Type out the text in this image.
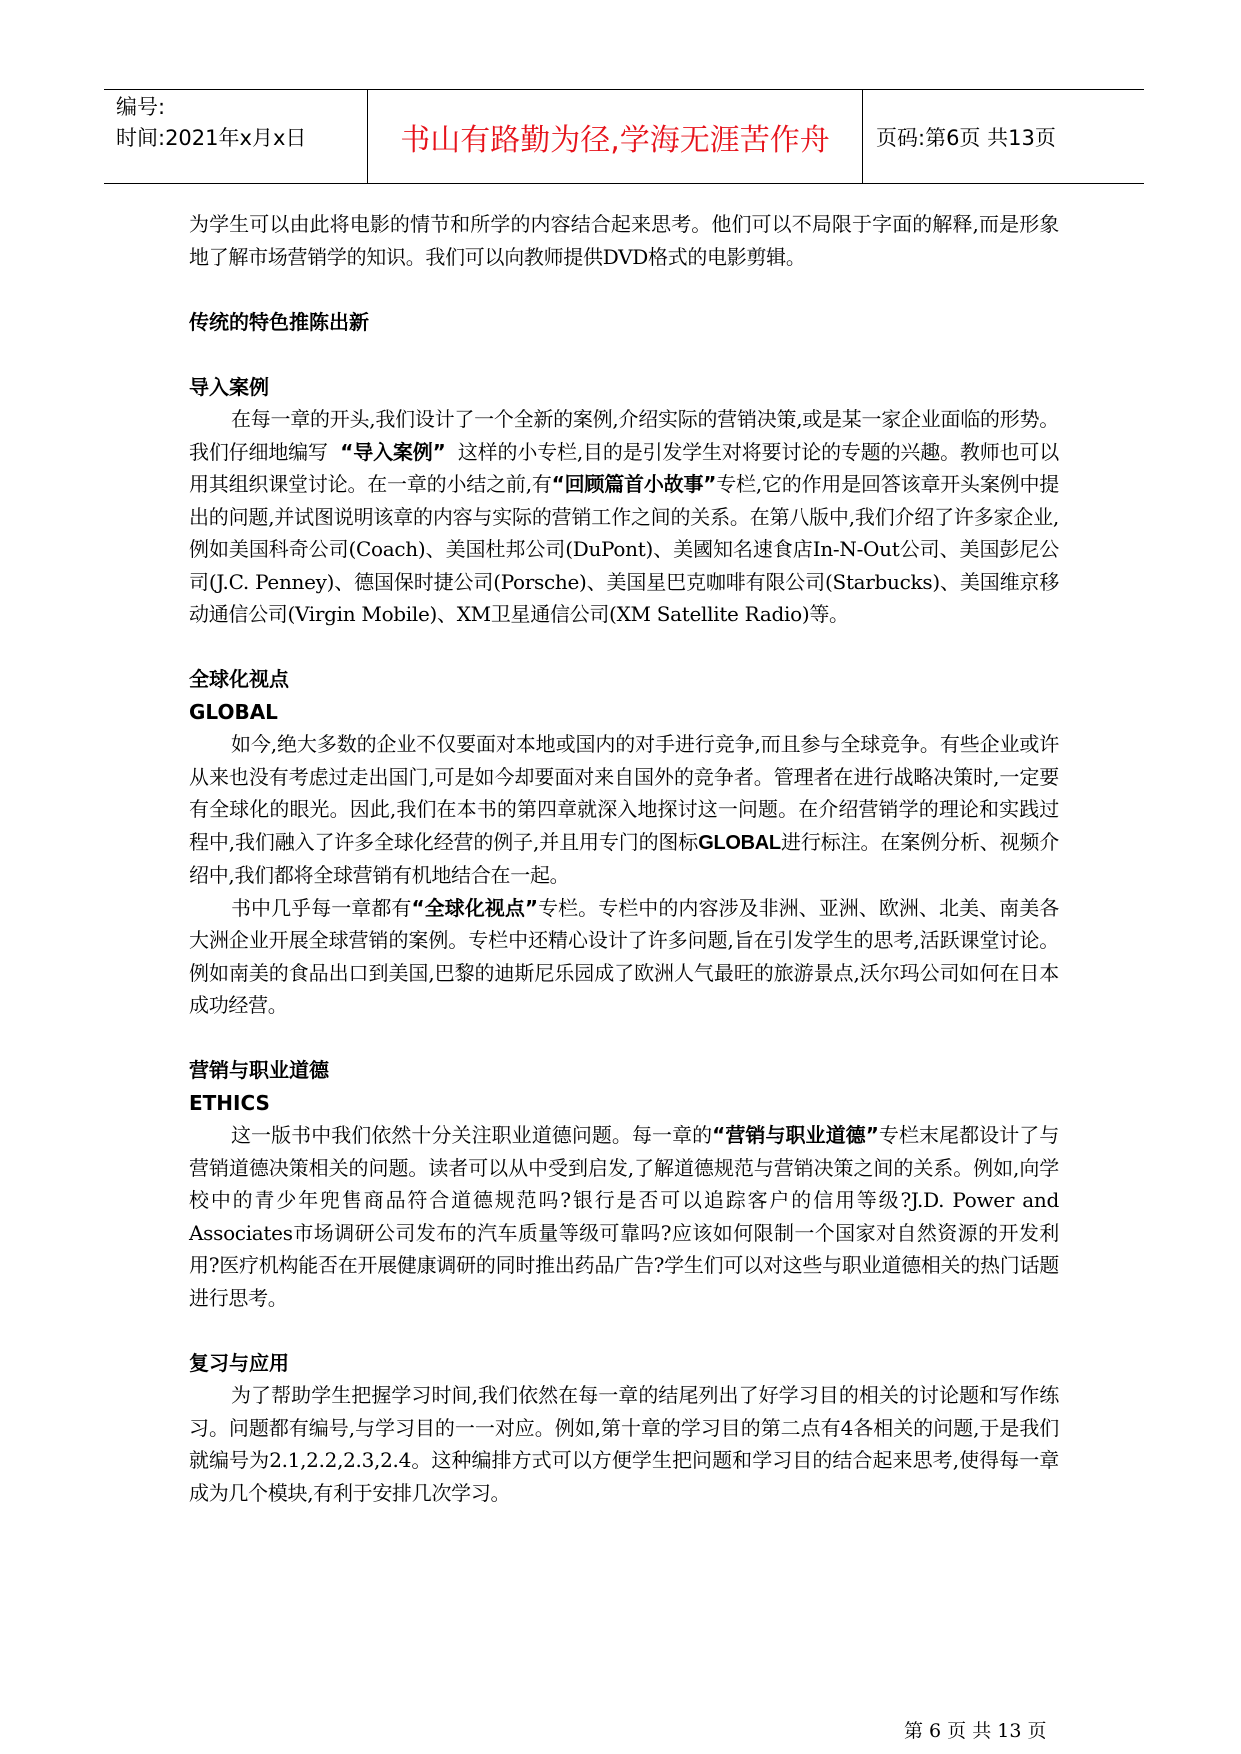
编号:
时间:2021年x月x日	书山有路勤为径,学海无涯苦作舟	页码:第6页 共13页

为学生可以由此将电影的情节和所学的内容结合起来思考。他们可以不局限于字面的解释,而是形象地了解市场营销学的知识。我们可以向教师提供DVD格式的电影剪辑。

传统的特色推陈出新

导入案例

在每一章的开头,我们设计了一个全新的案例,介绍实际的营销决策,或是某一家企业面临的形势。我们仔细地编写 “导入案例” 这样的小专栏,目的是引发学生对将要讨论的专题的兴趣。教师也可以用其组织课堂讨论。在一章的小结之前,有“回顾篇首小故事”专栏,它的作用是回答该章开头案例中提出的问题,并试图说明该章的内容与实际的营销工作之间的关系。在第八版中,我们介绍了许多家企业,例如美国科奇公司(Coach)、美国杜邦公司(DuPont)、美國知名速食店In-N-Out公司、美国彭尼公司(J.C. Penney)、德国保时捷公司(Porsche)、美国星巴克咖啡有限公司(Starbucks)、美国维京移动通信公司(Virgin Mobile)、XM卫星通信公司(XM Satellite Radio)等。

全球化视点

GLOBAL

如今,绝大多数的企业不仅要面对本地或国内的对手进行竞争,而且参与全球竞争。有些企业或许从来也没有考虑过走出国门,可是如今却要面对来自国外的竞争者。管理者在进行战略决策时,一定要有全球化的眼光。因此,我们在本书的第四章就深入地探讨这一问题。在介绍营销学的理论和实践过程中,我们融入了许多全球化经营的例子,并且用专门的图标GLOBAL进行标注。在案例分析、视频介绍中,我们都将全球营销有机地结合在一起。

书中几乎每一章都有“全球化视点”专栏。专栏中的内容涉及非洲、亚洲、欧洲、北美、南美各大洲企业开展全球营销的案例。专栏中还精心设计了许多问题,旨在引发学生的思考,活跃课堂讨论。例如南美的食品出口到美国,巴黎的迪斯尼乐园成了欧洲人气最旺的旅游景点,沃尔玛公司如何在日本成功经营。

营销与职业道德

ETHICS

这一版书中我们依然十分关注职业道德问题。每一章的“营销与职业道德”专栏末尾都设计了与营销道德决策相关的问题。读者可以从中受到启发,了解道德规范与营销决策之间的关系。例如,向学校中的青少年兜售商品符合道德规范吗?银行是否可以追踪客户的信用等级?J.D. Power and Associates市场调研公司发布的汽车质量等级可靠吗?应该如何限制一个国家对自然资源的开发利用?医疗机构能否在开展健康调研的同时推出药品广告?学生们可以对这些与职业道德相关的热门话题进行思考。

复习与应用

为了帮助学生把握学习时间,我们依然在每一章的结尾列出了好学习目的相关的讨论题和写作练习。问题都有编号,与学习目的一一对应。例如,第十章的学习目的第二点有4各相关的问题,于是我们就编号为2.1,2.2,2.3,2.4。这种编排方式可以方便学生把问题和学习目的结合起来思考,使得每一章成为几个模块,有利于安排几次学习。

第 6 页 共 13 页
